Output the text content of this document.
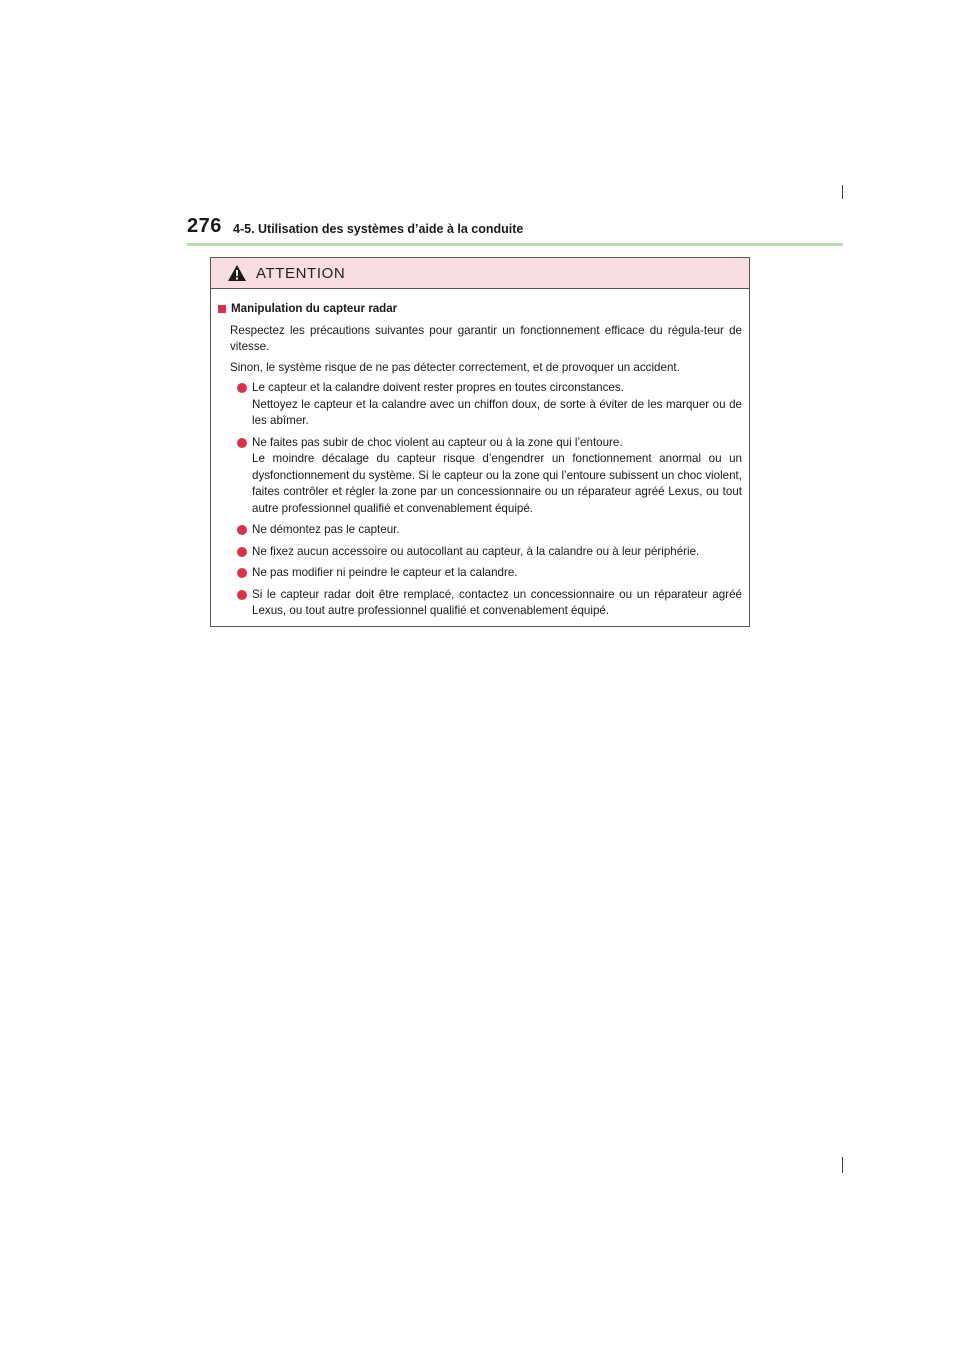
276 4-5. Utilisation des systèmes d’aide à la conduite
ATTENTION
Manipulation du capteur radar

Respectez les précautions suivantes pour garantir un fonctionnement efficace du régula-teur de vitesse.

Sinon, le système risque de ne pas détecter correctement, et de provoquer un accident.

Le capteur et la calandre doivent rester propres en toutes circonstances.
Nettoyez le capteur et la calandre avec un chiffon doux, de sorte à éviter de les marquer ou de les abîmer.
Ne faites pas subir de choc violent au capteur ou à la zone qui l’entoure.
Le moindre décalage du capteur risque d’engendrer un fonctionnement anormal ou un dysfonctionnement du système. Si le capteur ou la zone qui l’entoure subissent un choc violent, faites contrôler et régler la zone par un concessionnaire ou un réparateur agréé Lexus, ou tout autre professionnel qualifié et convenablement équipé.
Ne démontez pas le capteur.
Ne fixez aucun accessoire ou autocollant au capteur, à la calandre ou à leur périphérie.
Ne pas modifier ni peindre le capteur et la calandre.
Si le capteur radar doit être remplacé, contactez un concessionnaire ou un réparateur agréé Lexus, ou tout autre professionnel qualifié et convenablement équipé.
